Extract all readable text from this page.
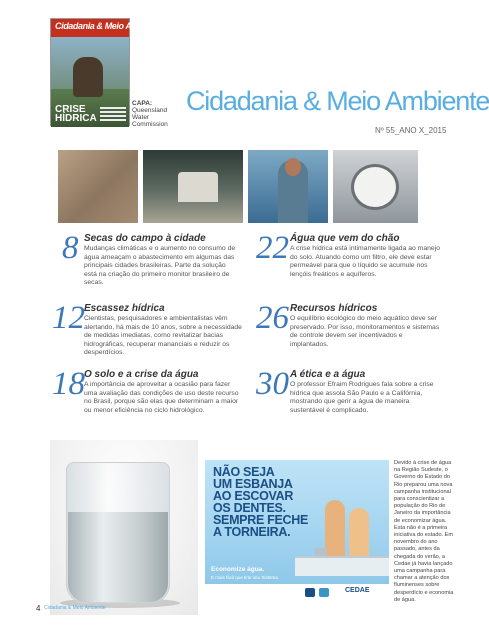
Cidadania & Meio Ambiente
CRISE HÍDRICA
CAPA:
Queensland
Water
Commission
Cidadania & Meio Ambiente
Nº 55_ANO X_2015
8 Secas do campo à cidade
Mudanças climáticas e o aumento no consumo de água ameaçam o abastecimento em algumas das principais cidades brasileiras. Parte da solução está na criação do primeiro monitor brasileiro de secas.
22 Água que vem do chão
A crise hídrica está intimamente ligada ao manejo do solo. Atuando como um filtro, ele deve estar permeável para que o líquido se acumule nos lençóis freáticos e aquíferos.
12 Escassez hídrica
Cientistas, pesquisadores e ambientalistas vêm alertando, há mais de 10 anos, sobre a necessidade de medidas imediatas, como revitalizar bacias hidrográficas, recuperar mananciais e reduzir os desperdícios.
26 Recursos hídricos
O equilíbrio ecológico do meio aquático deve ser preservado. Por isso, monitoramentos e sistemas de controle devem ser incentivados e implantados.
18 O solo e a crise da água
A importância de aproveitar a ocasião para fazer uma avaliação das condições de uso deste recurso no Brasil, porque são elas que determinam a maior ou menor eficiência no ciclo hidrológico.
30 A ética e a água
O professor Efraim Rodrigues fala sobre a crise hídrica que assola São Paulo e a Califórnia, mostrando que gerir a água de maneira sustentável é complicado.
NÃO SEJA
UM ESBANJA
AO ESCOVAR
OS DENTES.
SEMPRE FECHE
A TORNEIRA.
Economize água.
E mais fácil que tirar seu Sistema.
CEDAE
Devido à crise de água na Região Sudeste, o Governo do Estado do Rio preparou uma nova campanha institucional para conscientizar a população do Rio de Janeiro da importância de economizar água. Esta não é a primeira iniciativa do estado. Em novembro do ano passado, antes da chegada do verão, a Cedae já havia lançado uma campanha para chamar a atenção dos fluminenses sobre desperdício e economia de água.
4 Cidadania & Meio Ambiente
